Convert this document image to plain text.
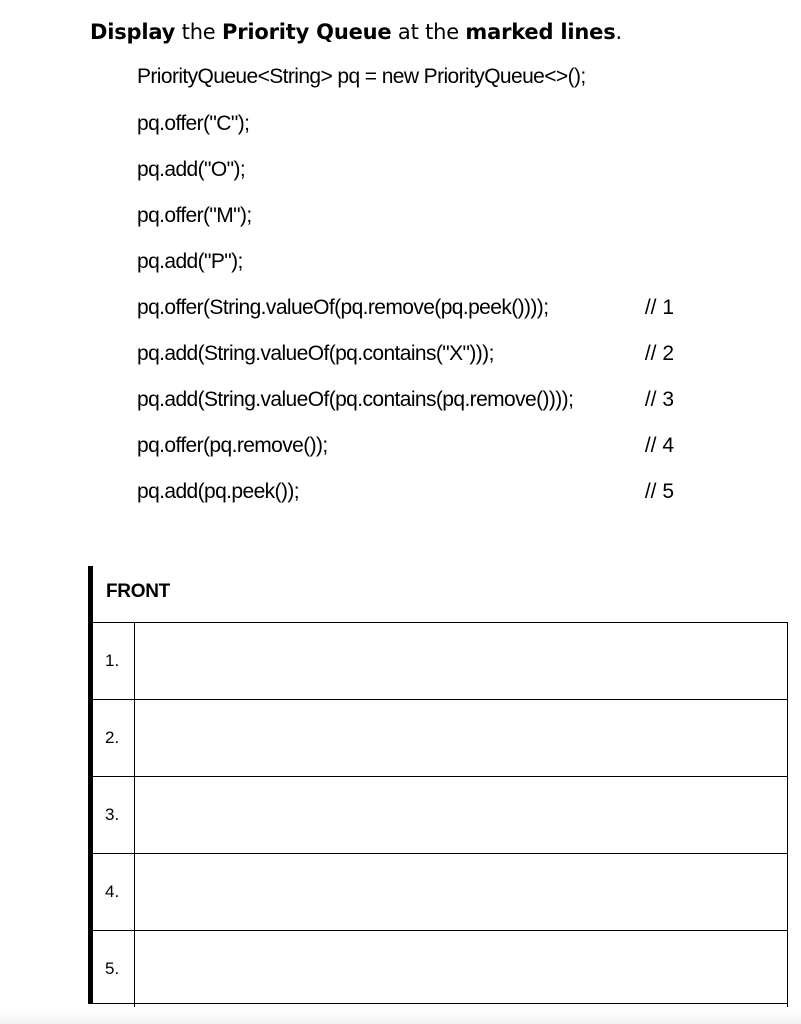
Display the Priority Queue at the marked lines.
PriorityQueue<String> pq = new PriorityQueue<>();
pq.offer("C");
pq.add("O");
pq.offer("M");
pq.add("P");
pq.offer(String.valueOf(pq.remove(pq.peek())));	// 1
pq.add(String.valueOf(pq.contains("X")));	// 2
pq.add(String.valueOf(pq.contains(pq.remove())));	// 3
pq.offer(pq.remove());	// 4
pq.add(pq.peek());	// 5
FRONT
1.
2.
3.
4.
5.
